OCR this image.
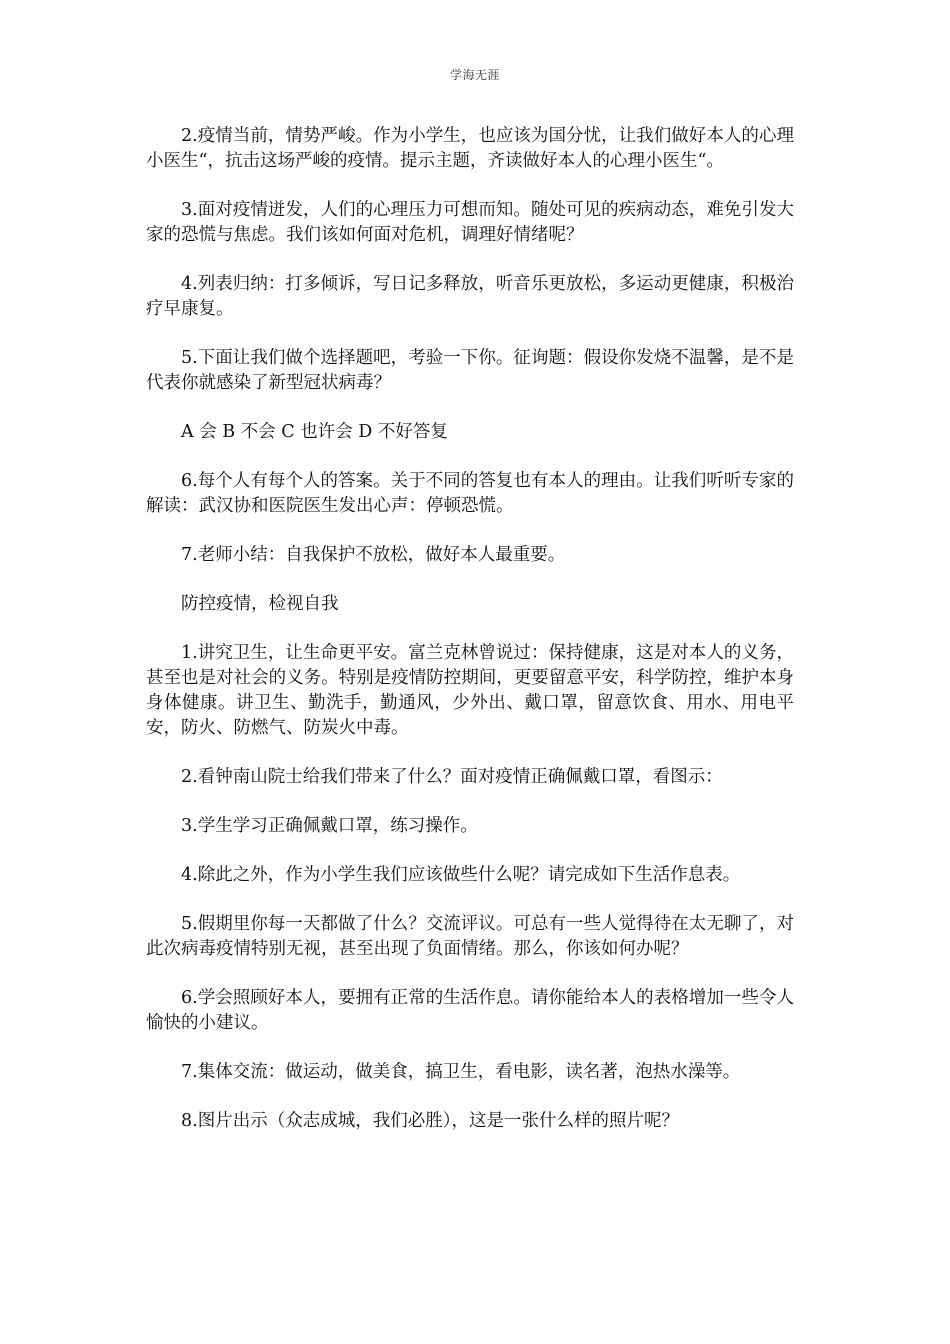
学海无涯

2.疫情当前，情势严峻。作为小学生，也应该为国分忧，让我们做好本人的心理小医生“，抗击这场严峻的疫情。提示主题，齐读做好本人的心理小医生“。

3.面对疫情迸发，人们的心理压力可想而知。随处可见的疾病动态，难免引发大家的恐慌与焦虑。我们该如何面对危机，调理好情绪呢？

4.列表归纳：打多倾诉，写日记多释放，听音乐更放松，多运动更健康，积极治疗早康复。

5.下面让我们做个选择题吧，考验一下你。征询题：假设你发烧不温馨，是不是代表你就感染了新型冠状病毒？

A 会 B 不会 C 也许会 D 不好答复

6.每个人有每个人的答案。关于不同的答复也有本人的理由。让我们听听专家的解读：武汉协和医院医生发出心声：停顿恐慌。

7.老师小结：自我保护不放松，做好本人最重要。

防控疫情，检视自我

1.讲究卫生，让生命更平安。富兰克林曾说过：保持健康，这是对本人的义务，甚至也是对社会的义务。特别是疫情防控期间，更要留意平安，科学防控，维护本身身体健康。讲卫生、勤洗手，勤通风，少外出、戴口罩，留意饮食、用水、用电平安，防火、防燃气、防炭火中毒。

2.看钟南山院士给我们带来了什么？面对疫情正确佩戴口罩，看图示：

3.学生学习正确佩戴口罩，练习操作。

4.除此之外，作为小学生我们应该做些什么呢？请完成如下生活作息表。

5.假期里你每一天都做了什么？交流评议。可总有一些人觉得待在太无聊了，对此次病毒疫情特别无视，甚至出现了负面情绪。那么，你该如何办呢？

6.学会照顾好本人，要拥有正常的生活作息。请你能给本人的表格增加一些令人愉快的小建议。

7.集体交流：做运动，做美食，搞卫生，看电影，读名著，泡热水澡等。

8.图片出示（众志成城，我们必胜），这是一张什么样的照片呢？
